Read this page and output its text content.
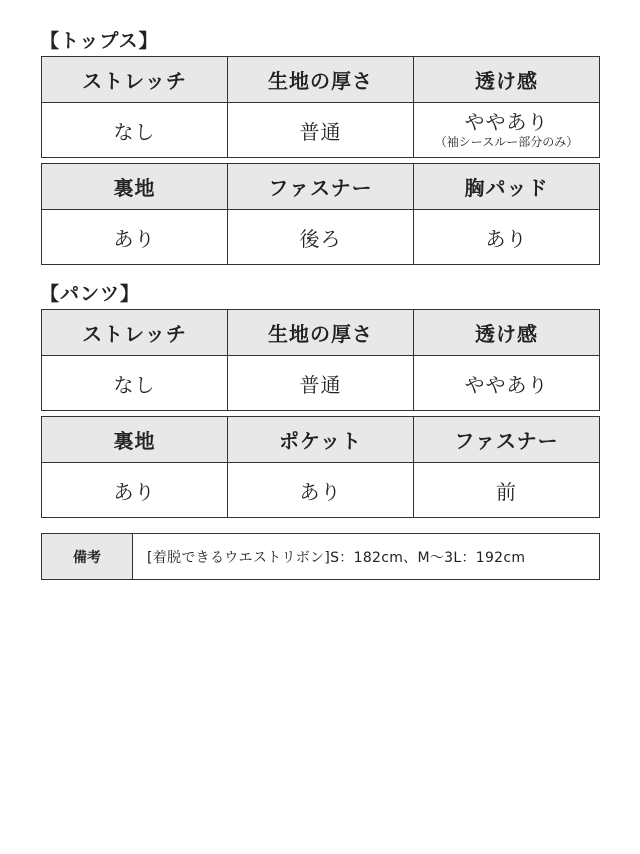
【トップス】
ストレッチ	生地の厚さ	透け感
なし	普通	ややあり
（袖シースルー部分のみ）
裏地	ファスナー	胸パッド
あり	後ろ	あり
【パンツ】
ストレッチ	生地の厚さ	透け感
なし	普通	ややあり
裏地	ポケット	ファスナー
あり	あり	前
備考	[着脱できるウエストリボン]S：182cm、M〜3L：192cm
